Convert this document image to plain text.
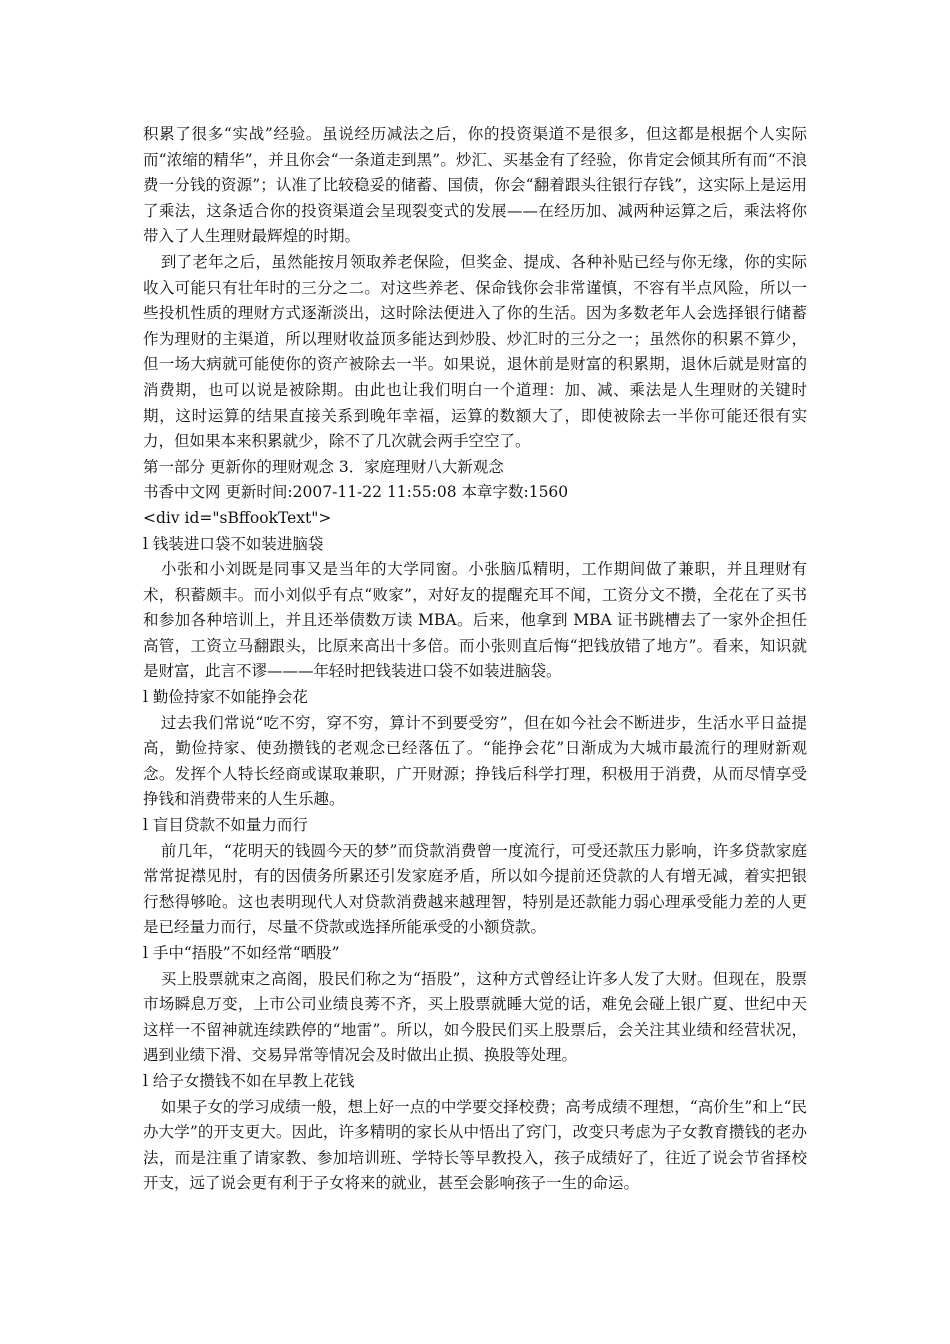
积累了很多“实战”经验。虽说经历减法之后，你的投资渠道不是很多，但这都是根据个人实际而“浓缩的精华”，并且你会“一条道走到黑”。炒汇、买基金有了经验，你肯定会倾其所有而“不浪费一分钱的资源”；认准了比较稳妥的储蓄、国债，你会“翻着跟头往银行存钱”，这实际上是运用了乘法，这条适合你的投资渠道会呈现裂变式的发展——在经历加、减两种运算之后，乘法将你带入了人生理财最辉煌的时期。

到了老年之后，虽然能按月领取养老保险，但奖金、提成、各种补贴已经与你无缘，你的实际收入可能只有壮年时的三分之二。对这些养老、保命钱你会非常谨慎，不容有半点风险，所以一些投机性质的理财方式逐渐淡出，这时除法便进入了你的生活。因为多数老年人会选择银行储蓄作为理财的主渠道，所以理财收益顶多能达到炒股、炒汇时的三分之一；虽然你的积累不算少，但一场大病就可能使你的资产被除去一半。如果说，退休前是财富的积累期，退休后就是财富的消费期，也可以说是被除期。由此也让我们明白一个道理：加、减、乘法是人生理财的关键时期，这时运算的结果直接关系到晚年幸福，运算的数额大了，即使被除去一半你可能还很有实力，但如果本来积累就少，除不了几次就会两手空空了。

第一部分 更新你的理财观念 3．家庭理财八大新观念

书香中文网 更新时间:2007-11-22 11:55:08 本章字数:1560

<div id="sBffookText">

l 钱装进口袋不如装进脑袋

小张和小刘既是同事又是当年的大学同窗。小张脑瓜精明，工作期间做了兼职，并且理财有术，积蓄颇丰。而小刘似乎有点“败家”，对好友的提醒充耳不闻，工资分文不攒，全花在了买书和参加各种培训上，并且还举债数万读 MBA。后来，他拿到 MBA 证书跳槽去了一家外企担任高管，工资立马翻跟头，比原来高出十多倍。而小张则直后悔“把钱放错了地方”。看来，知识就是财富，此言不谬———年轻时把钱装进口袋不如装进脑袋。

l 勤俭持家不如能挣会花

过去我们常说“吃不穷，穿不穷，算计不到要受穷”，但在如今社会不断进步，生活水平日益提高，勤俭持家、使劲攒钱的老观念已经落伍了。“能挣会花”日渐成为大城市最流行的理财新观念。发挥个人特长经商或谋取兼职，广开财源；挣钱后科学打理，积极用于消费，从而尽情享受挣钱和消费带来的人生乐趣。

l 盲目贷款不如量力而行

前几年，“花明天的钱圆今天的梦”而贷款消费曾一度流行，可受还款压力影响，许多贷款家庭常常捉襟见肘，有的因债务所累还引发家庭矛盾，所以如今提前还贷款的人有增无减，着实把银行愁得够呛。这也表明现代人对贷款消费越来越理智，特别是还款能力弱心理承受能力差的人更是已经量力而行，尽量不贷款或选择所能承受的小额贷款。

l 手中“捂股”不如经常“晒股”

买上股票就束之高阁，股民们称之为“捂股”，这种方式曾经让许多人发了大财。但现在，股票市场瞬息万变，上市公司业绩良莠不齐，买上股票就睡大觉的话，难免会碰上银广夏、世纪中天这样一不留神就连续跌停的“地雷”。所以，如今股民们买上股票后，会关注其业绩和经营状况，遇到业绩下滑、交易异常等情况会及时做出止损、换股等处理。

l 给子女攒钱不如在早教上花钱

如果子女的学习成绩一般，想上好一点的中学要交择校费；高考成绩不理想，“高价生”和上“民办大学”的开支更大。因此，许多精明的家长从中悟出了窍门，改变只考虑为子女教育攒钱的老办法，而是注重了请家教、参加培训班、学特长等早教投入，孩子成绩好了，往近了说会节省择校开支，远了说会更有利于子女将来的就业，甚至会影响孩子一生的命运。
